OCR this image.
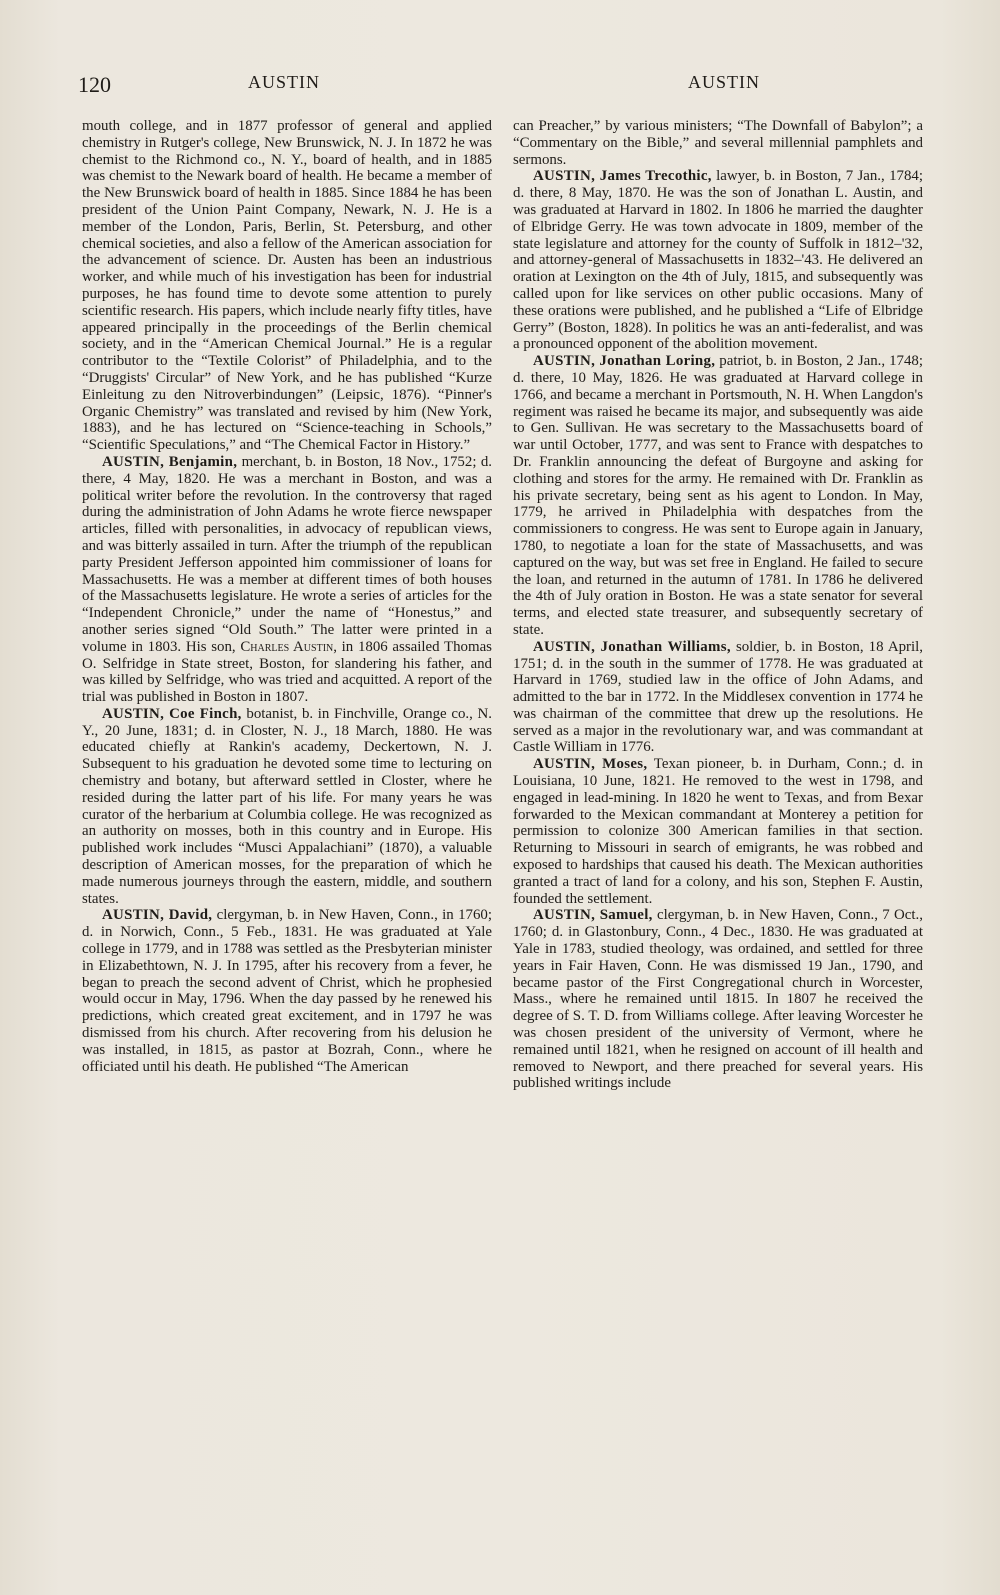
120	AUSTIN	AUSTIN

mouth college, and in 1877 professor of general and applied chemistry in Rutger's college, New Brunswick, N. J. In 1872 he was chemist to the Richmond co., N. Y., board of health, and in 1885 was chemist to the Newark board of health. He became a member of the New Brunswick board of health in 1885. Since 1884 he has been president of the Union Paint Company, Newark, N. J. He is a member of the London, Paris, Berlin, St. Petersburg, and other chemical societies, and also a fellow of the American association for the advancement of science. Dr. Austen has been an industrious worker, and while much of his investigation has been for industrial purposes, he has found time to devote some attention to purely scientific research. His papers, which include nearly fifty titles, have appeared principally in the proceedings of the Berlin chemical society, and in the “American Chemical Journal.” He is a regular contributor to the “Textile Colorist” of Philadelphia, and to the “Druggists' Circular” of New York, and he has published “Kurze Einleitung zu den Nitroverbindungen” (Leipsic, 1876). “Pinner's Organic Chemistry” was translated and revised by him (New York, 1883), and he has lectured on “Science-teaching in Schools,” “Scientific Speculations,” and “The Chemical Factor in History.”

AUSTIN, Benjamin, merchant, b. in Boston, 18 Nov., 1752; d. there, 4 May, 1820. He was a merchant in Boston, and was a political writer before the revolution. In the controversy that raged during the administration of John Adams he wrote fierce newspaper articles, filled with personalities, in advocacy of republican views, and was bitterly assailed in turn. After the triumph of the republican party President Jefferson appointed him commissioner of loans for Massachusetts. He was a member at different times of both houses of the Massachusetts legislature. He wrote a series of articles for the “Independent Chronicle,” under the name of “Honestus,” and another series signed “Old South.” The latter were printed in a volume in 1803. His son, Charles Austin, in 1806 assailed Thomas O. Selfridge in State street, Boston, for slandering his father, and was killed by Selfridge, who was tried and acquitted. A report of the trial was published in Boston in 1807.

AUSTIN, Coe Finch, botanist, b. in Finchville, Orange co., N. Y., 20 June, 1831; d. in Closter, N. J., 18 March, 1880. He was educated chiefly at Rankin's academy, Deckertown, N. J. Subsequent to his graduation he devoted some time to lecturing on chemistry and botany, but afterward settled in Closter, where he resided during the latter part of his life. For many years he was curator of the herbarium at Columbia college. He was recognized as an authority on mosses, both in this country and in Europe. His published work includes “Musci Appalachiani” (1870), a valuable description of American mosses, for the preparation of which he made numerous journeys through the eastern, middle, and southern states.

AUSTIN, David, clergyman, b. in New Haven, Conn., in 1760; d. in Norwich, Conn., 5 Feb., 1831. He was graduated at Yale college in 1779, and in 1788 was settled as the Presbyterian minister in Elizabethtown, N. J. In 1795, after his recovery from a fever, he began to preach the second advent of Christ, which he prophesied would occur in May, 1796. When the day passed by he renewed his predictions, which created great excitement, and in 1797 he was dismissed from his church. After recovering from his delusion he was installed, in 1815, as pastor at Bozrah, Conn., where he officiated until his death. He published “The American

can Preacher,” by various ministers; “The Downfall of Babylon”; a “Commentary on the Bible,” and several millennial pamphlets and sermons.

AUSTIN, James Trecothic, lawyer, b. in Boston, 7 Jan., 1784; d. there, 8 May, 1870. He was the son of Jonathan L. Austin, and was graduated at Harvard in 1802. In 1806 he married the daughter of Elbridge Gerry. He was town advocate in 1809, member of the state legislature and attorney for the county of Suffolk in 1812–'32, and attorney-general of Massachusetts in 1832–'43. He delivered an oration at Lexington on the 4th of July, 1815, and subsequently was called upon for like services on other public occasions. Many of these orations were published, and he published a “Life of Elbridge Gerry” (Boston, 1828). In politics he was an anti-federalist, and was a pronounced opponent of the abolition movement.

AUSTIN, Jonathan Loring, patriot, b. in Boston, 2 Jan., 1748; d. there, 10 May, 1826. He was graduated at Harvard college in 1766, and became a merchant in Portsmouth, N. H. When Langdon's regiment was raised he became its major, and subsequently was aide to Gen. Sullivan. He was secretary to the Massachusetts board of war until October, 1777, and was sent to France with despatches to Dr. Franklin announcing the defeat of Burgoyne and asking for clothing and stores for the army. He remained with Dr. Franklin as his private secretary, being sent as his agent to London. In May, 1779, he arrived in Philadelphia with despatches from the commissioners to congress. He was sent to Europe again in January, 1780, to negotiate a loan for the state of Massachusetts, and was captured on the way, but was set free in England. He failed to secure the loan, and returned in the autumn of 1781. In 1786 he delivered the 4th of July oration in Boston. He was a state senator for several terms, and elected state treasurer, and subsequently secretary of state.

AUSTIN, Jonathan Williams, soldier, b. in Boston, 18 April, 1751; d. in the south in the summer of 1778. He was graduated at Harvard in 1769, studied law in the office of John Adams, and admitted to the bar in 1772. In the Middlesex convention in 1774 he was chairman of the committee that drew up the resolutions. He served as a major in the revolutionary war, and was commandant at Castle William in 1776.

AUSTIN, Moses, Texan pioneer, b. in Durham, Conn.; d. in Louisiana, 10 June, 1821. He removed to the west in 1798, and engaged in lead-mining. In 1820 he went to Texas, and from Bexar forwarded to the Mexican commandant at Monterey a petition for permission to colonize 300 American families in that section. Returning to Missouri in search of emigrants, he was robbed and exposed to hardships that caused his death. The Mexican authorities granted a tract of land for a colony, and his son, Stephen F. Austin, founded the settlement.

AUSTIN, Samuel, clergyman, b. in New Haven, Conn., 7 Oct., 1760; d. in Glastonbury, Conn., 4 Dec., 1830. He was graduated at Yale in 1783, studied theology, was ordained, and settled for three years in Fair Haven, Conn. He was dismissed 19 Jan., 1790, and became pastor of the First Congregational church in Worcester, Mass., where he remained until 1815. In 1807 he received the degree of S. T. D. from Williams college. After leaving Worcester he was chosen president of the university of Vermont, where he remained until 1821, when he resigned on account of ill health and removed to Newport, and there preached for several years. His published writings include
